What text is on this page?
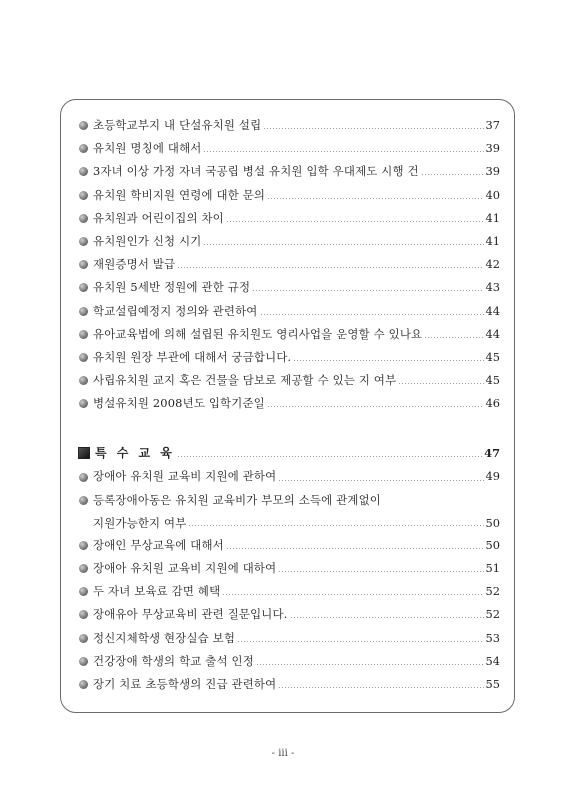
초등학교부지 내 단설유치원 설립	37
유치원 명칭에 대해서	39
3자녀 이상 가정 자녀 국공립 병설 유치원 입학 우대제도 시행 건	39
유치원 학비지원 연령에 대한 문의	40
유치원과 어린이집의 차이	41
유치원인가 신청 시기	41
재원증명서 발급	42
유치원 5세반 정원에 관한 규정	43
학교설립예정지 정의와 관련하여	44
유아교육법에 의해 설립된 유치원도 영리사업을 운영할 수 있나요	44
유치원 원장 부관에 대해서 궁금합니다.	45
사립유치원 교지 혹은 건물을 담보로 제공할 수 있는 지 여부	45
병설유치원 2008년도 입학기준일	46
특 수 교 육	47
장애아 유치원 교육비 지원에 관하여	49
등록장애아동은 유치원 교육비가 부모의 소득에 관계없이
지원가능한지 여부	50
장애인 무상교육에 대해서	50
장애아 유치원 교육비 지원에 대하여	51
두 자녀 보육료 감면 혜택	52
장애유아 무상교육비 관련 질문입니다.	52
정신지체학생 현장실습 보험	53
건강장애 학생의 학교 출석 인정	54
장기 치료 초등학생의 진급 관련하여	55
- iii -
